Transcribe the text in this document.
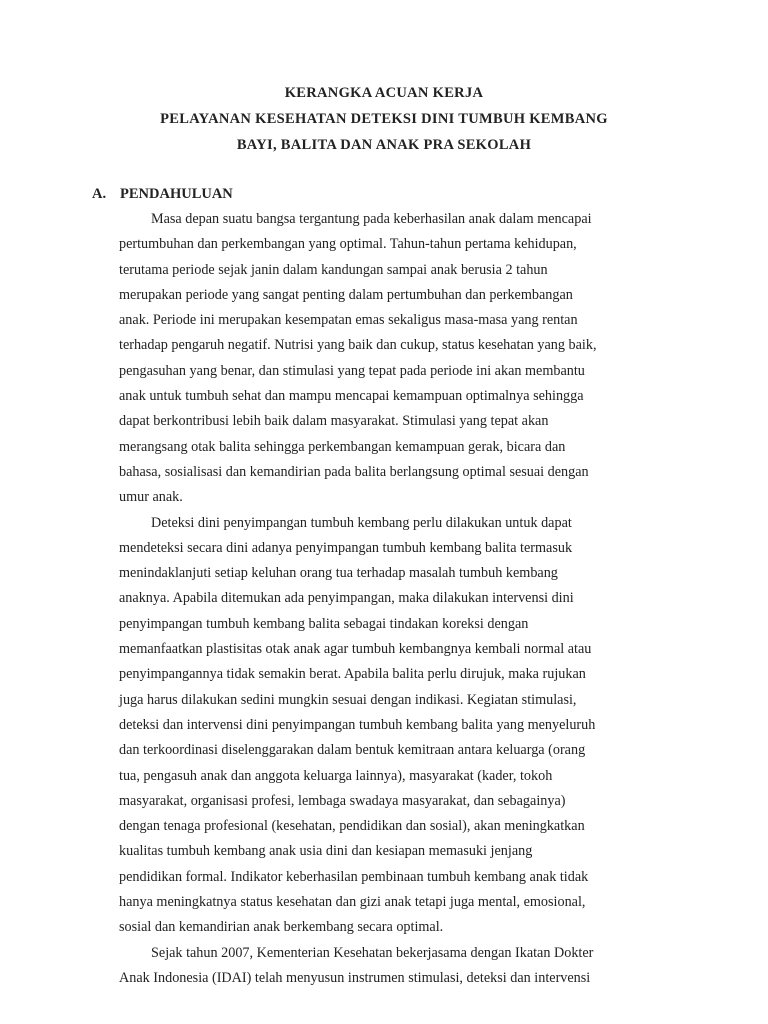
KERANGKA ACUAN KERJA
PELAYANAN KESEHATAN DETEKSI DINI TUMBUH KEMBANG
BAYI, BALITA DAN ANAK PRA SEKOLAH
A. PENDAHULUAN
Masa depan suatu bangsa tergantung pada keberhasilan anak dalam mencapai
pertumbuhan dan perkembangan yang optimal. Tahun-tahun pertama kehidupan,
terutama periode sejak janin dalam kandungan sampai anak berusia 2 tahun
merupakan periode yang sangat penting dalam pertumbuhan dan perkembangan
anak. Periode ini merupakan kesempatan emas sekaligus masa-masa yang rentan
terhadap pengaruh negatif. Nutrisi yang baik dan cukup, status kesehatan yang baik,
pengasuhan yang benar, dan stimulasi yang tepat pada periode ini akan membantu
anak untuk tumbuh sehat dan mampu mencapai kemampuan optimalnya sehingga
dapat berkontribusi lebih baik dalam masyarakat. Stimulasi yang tepat akan
merangsang otak balita sehingga perkembangan kemampuan gerak, bicara dan
bahasa, sosialisasi dan kemandirian pada balita berlangsung optimal sesuai dengan
umur anak.
Deteksi dini penyimpangan tumbuh kembang perlu dilakukan untuk dapat
mendeteksi secara dini adanya penyimpangan tumbuh kembang balita termasuk
menindaklanjuti setiap keluhan orang tua terhadap masalah tumbuh kembang
anaknya. Apabila ditemukan ada penyimpangan, maka dilakukan intervensi dini
penyimpangan tumbuh kembang balita sebagai tindakan koreksi dengan
memanfaatkan plastisitas otak anak agar tumbuh kembangnya kembali normal atau
penyimpangannya tidak semakin berat. Apabila balita perlu dirujuk, maka rujukan
juga harus dilakukan sedini mungkin sesuai dengan indikasi. Kegiatan stimulasi,
deteksi dan intervensi dini penyimpangan tumbuh kembang balita yang menyeluruh
dan terkoordinasi diselenggarakan dalam bentuk kemitraan antara keluarga (orang
tua, pengasuh anak dan anggota keluarga lainnya), masyarakat (kader, tokoh
masyarakat, organisasi profesi, lembaga swadaya masyarakat, dan sebagainya)
dengan tenaga profesional (kesehatan, pendidikan dan sosial), akan meningkatkan
kualitas tumbuh kembang anak usia dini dan kesiapan memasuki jenjang
pendidikan formal. Indikator keberhasilan pembinaan tumbuh kembang anak tidak
hanya meningkatnya status kesehatan dan gizi anak tetapi juga mental, emosional,
sosial dan kemandirian anak berkembang secara optimal.
Sejak tahun 2007, Kementerian Kesehatan bekerjasama dengan Ikatan Dokter
Anak Indonesia (IDAI) telah menyusun instrumen stimulasi, deteksi dan intervensi
